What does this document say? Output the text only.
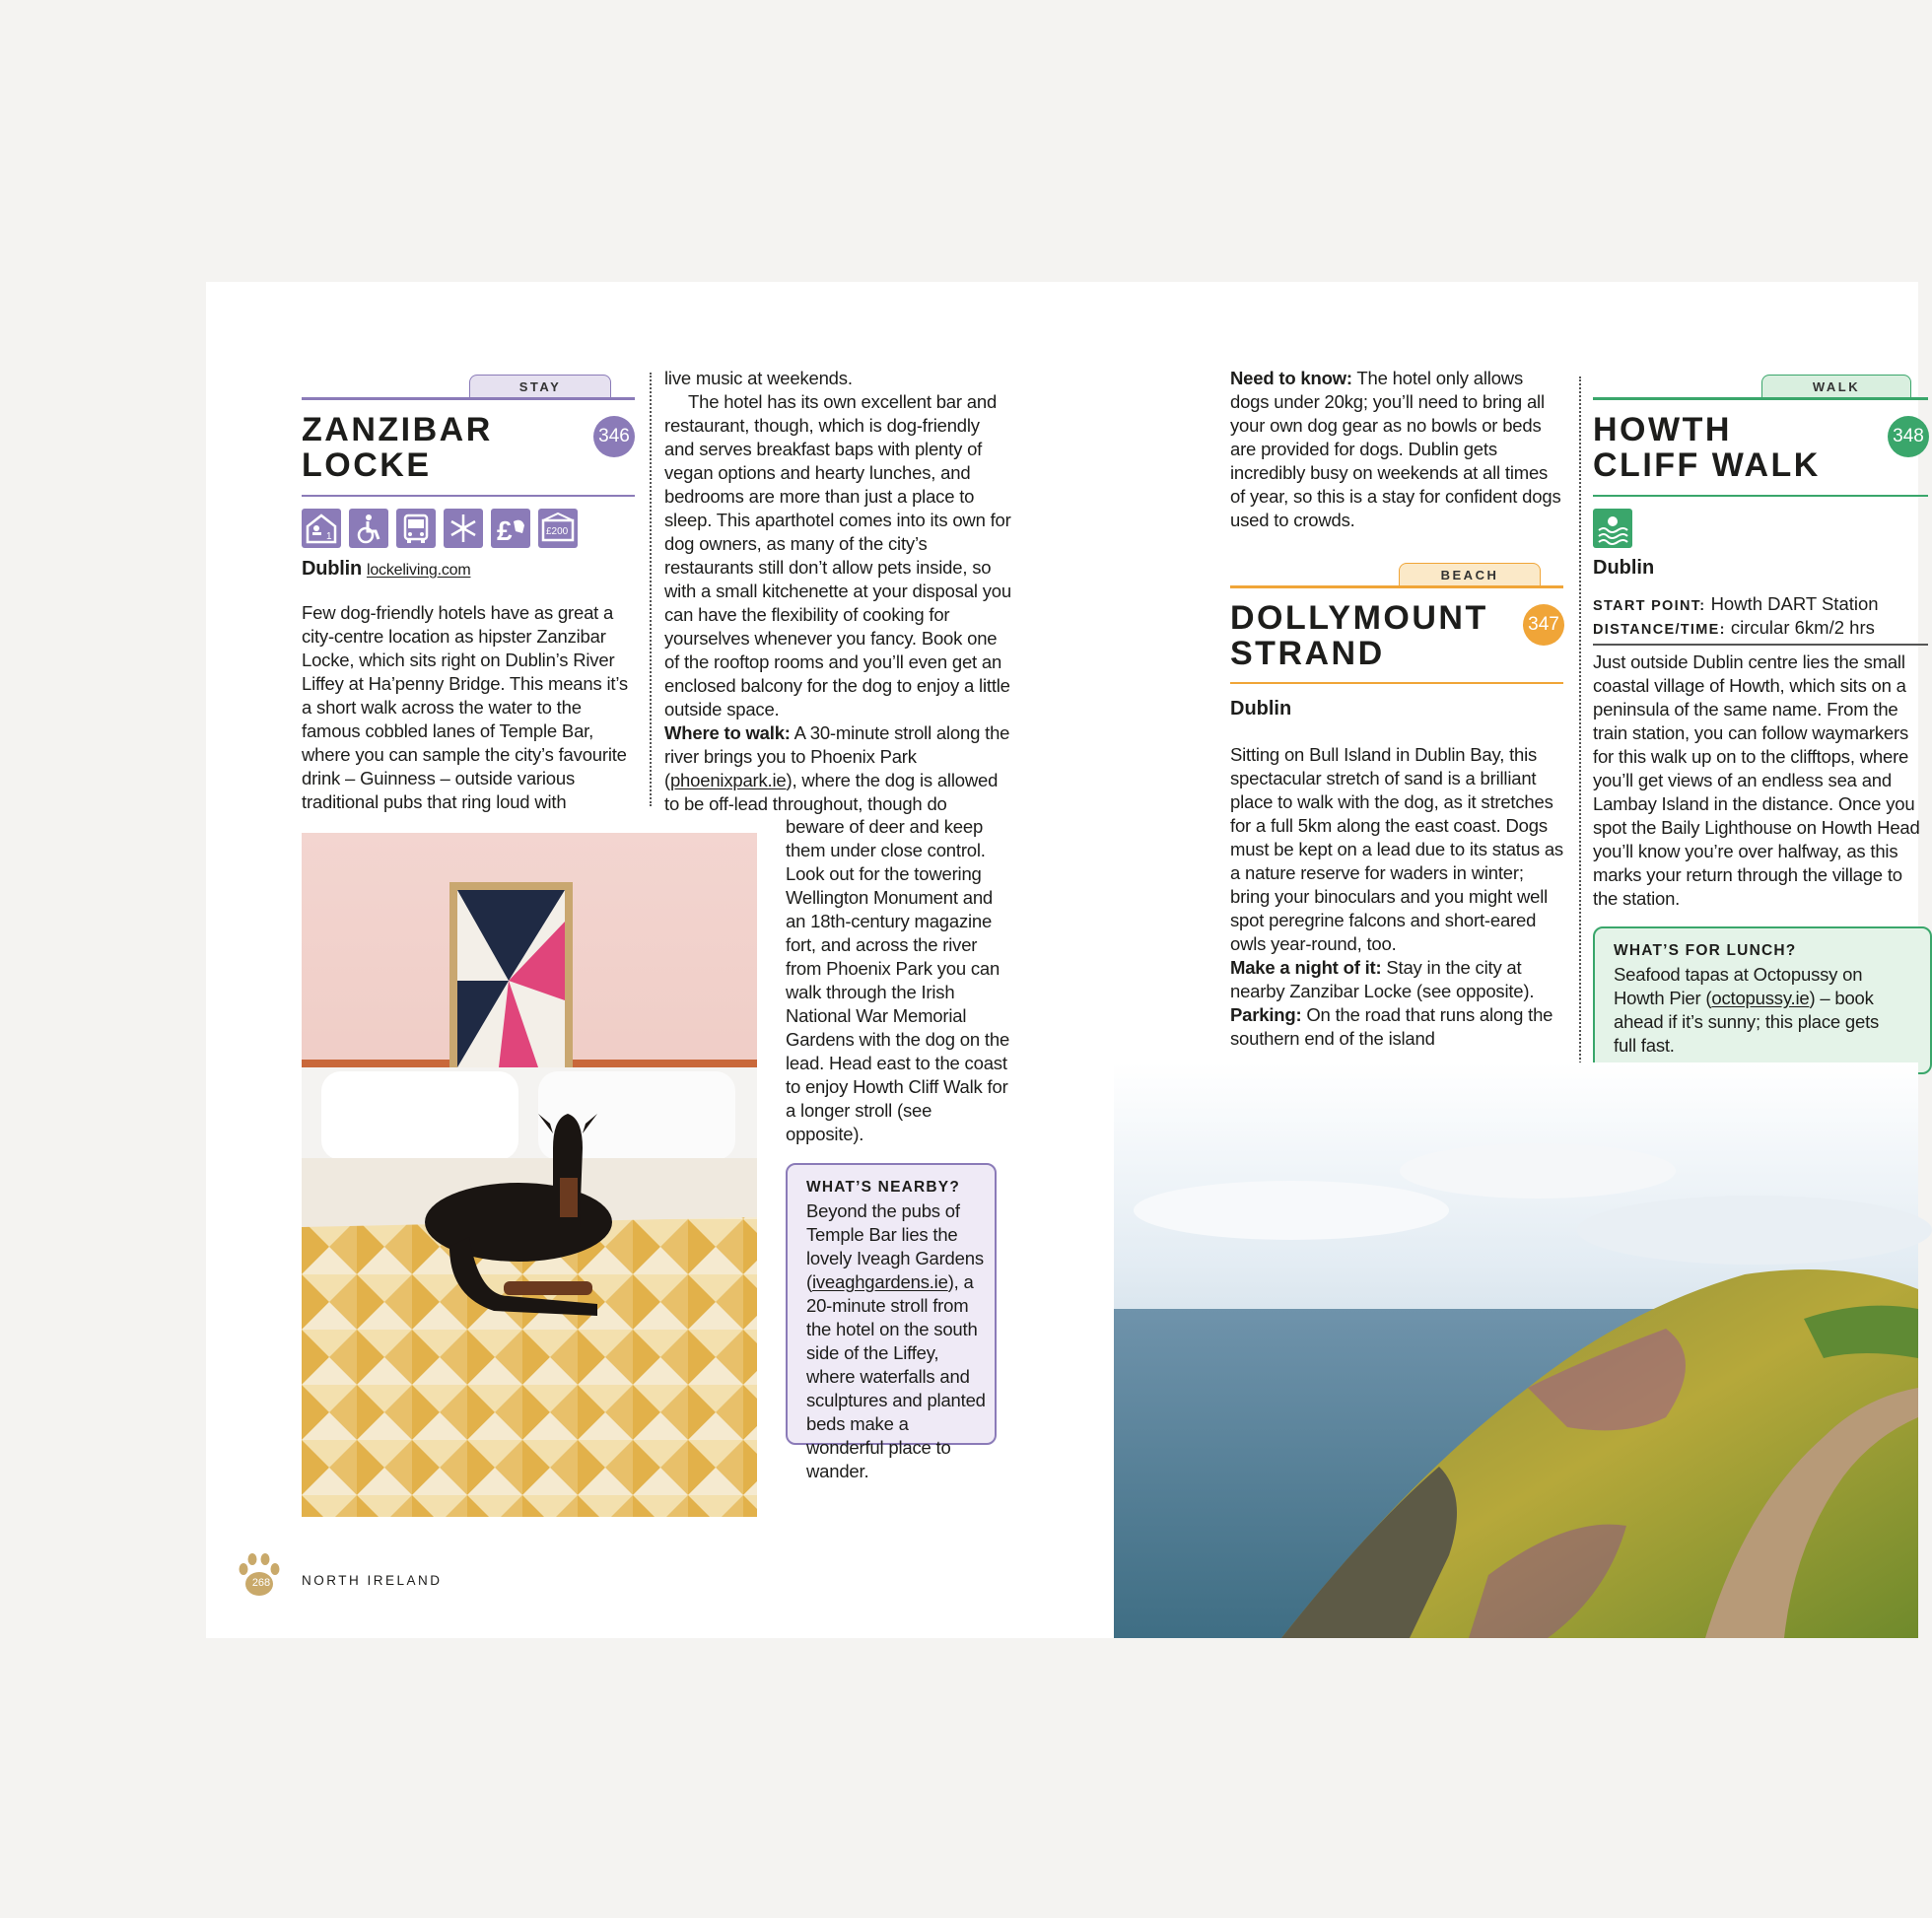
STAY
ZANZIBAR
LOCKE
346
1	£	£200
Dublin lockeliving.com
Few dog-friendly hotels have as great a city-centre location as hipster Zanzibar Locke, which sits right on Dublin’s River Liffey at Ha’penny Bridge. This means it’s a short walk across the water to the famous cobbled lanes of Temple Bar, where you can sample the city’s favourite drink – Guinness – outside various traditional pubs that ring loud with

live music at weekends.

The hotel has its own excellent bar and restaurant, though, which is dog-friendly and serves breakfast baps with plenty of vegan options and hearty lunches, and bedrooms are more than just a place to sleep. This aparthotel comes into its own for dog owners, as many of the city’s restaurants still don’t allow pets inside, so with a small kitchenette at your disposal you can have the flexibility of cooking for yourselves whenever you fancy. Book one of the rooftop rooms and you’ll even get an enclosed balcony for the dog to enjoy a little outside space.

Where to walk: A 30-minute stroll along the river brings you to Phoenix Park (phoenixpark.ie), where the dog is allowed to be off-lead throughout, though do

beware of deer and keep them under close control. Look out for the towering Wellington Monument and an 18th-century magazine fort, and across the river from Phoenix Park you can walk through the Irish National War Memorial Gardens with the dog on the lead. Head east to the coast to enjoy Howth Cliff Walk for a longer stroll (see opposite).

WHAT’S NEARBY?

Beyond the pubs of Temple Bar lies the lovely Iveagh Gardens (iveaghgardens.ie), a 20-minute stroll from the hotel on the south side of the Liffey, where waterfalls and sculptures and planted beds make a wonderful place to wander.

268 NORTH IRELAND
Need to know: The hotel only allows dogs under 20kg; you’ll need to bring all your own dog gear as no bowls or beds are provided for dogs. Dublin gets incredibly busy on weekends at all times of year, so this is a stay for confident dogs used to crowds.
BEACH
DOLLYMOUNT
STRAND
347
Dublin

Sitting on Bull Island in Dublin Bay, this spectacular stretch of sand is a brilliant place to walk with the dog, as it stretches for a full 5km along the east coast. Dogs must be kept on a lead due to its status as a nature reserve for waders in winter; bring your binoculars and you might well spot peregrine falcons and short-eared owls year-round, too.

Make a night of it: Stay in the city at nearby Zanzibar Locke (see opposite).

Parking: On the road that runs along the southern end of the island

WALK
HOWTH
CLIFF WALK
348
Dublin
START POINT: Howth DART Station
DISTANCE/TIME: circular 6km/2 hrs
Just outside Dublin centre lies the small coastal village of Howth, which sits on a peninsula of the same name. From the train station, you can follow waymarkers for this walk up on to the clifftops, where you’ll get views of an endless sea and Lambay Island in the distance. Once you spot the Baily Lighthouse on Howth Head you’ll know you’re over halfway, as this marks your return through the village to the station.

WHAT’S FOR LUNCH?

Seafood tapas at Octopussy on Howth Pier (octopussy.ie) – book ahead if it’s sunny; this place gets full fast.
